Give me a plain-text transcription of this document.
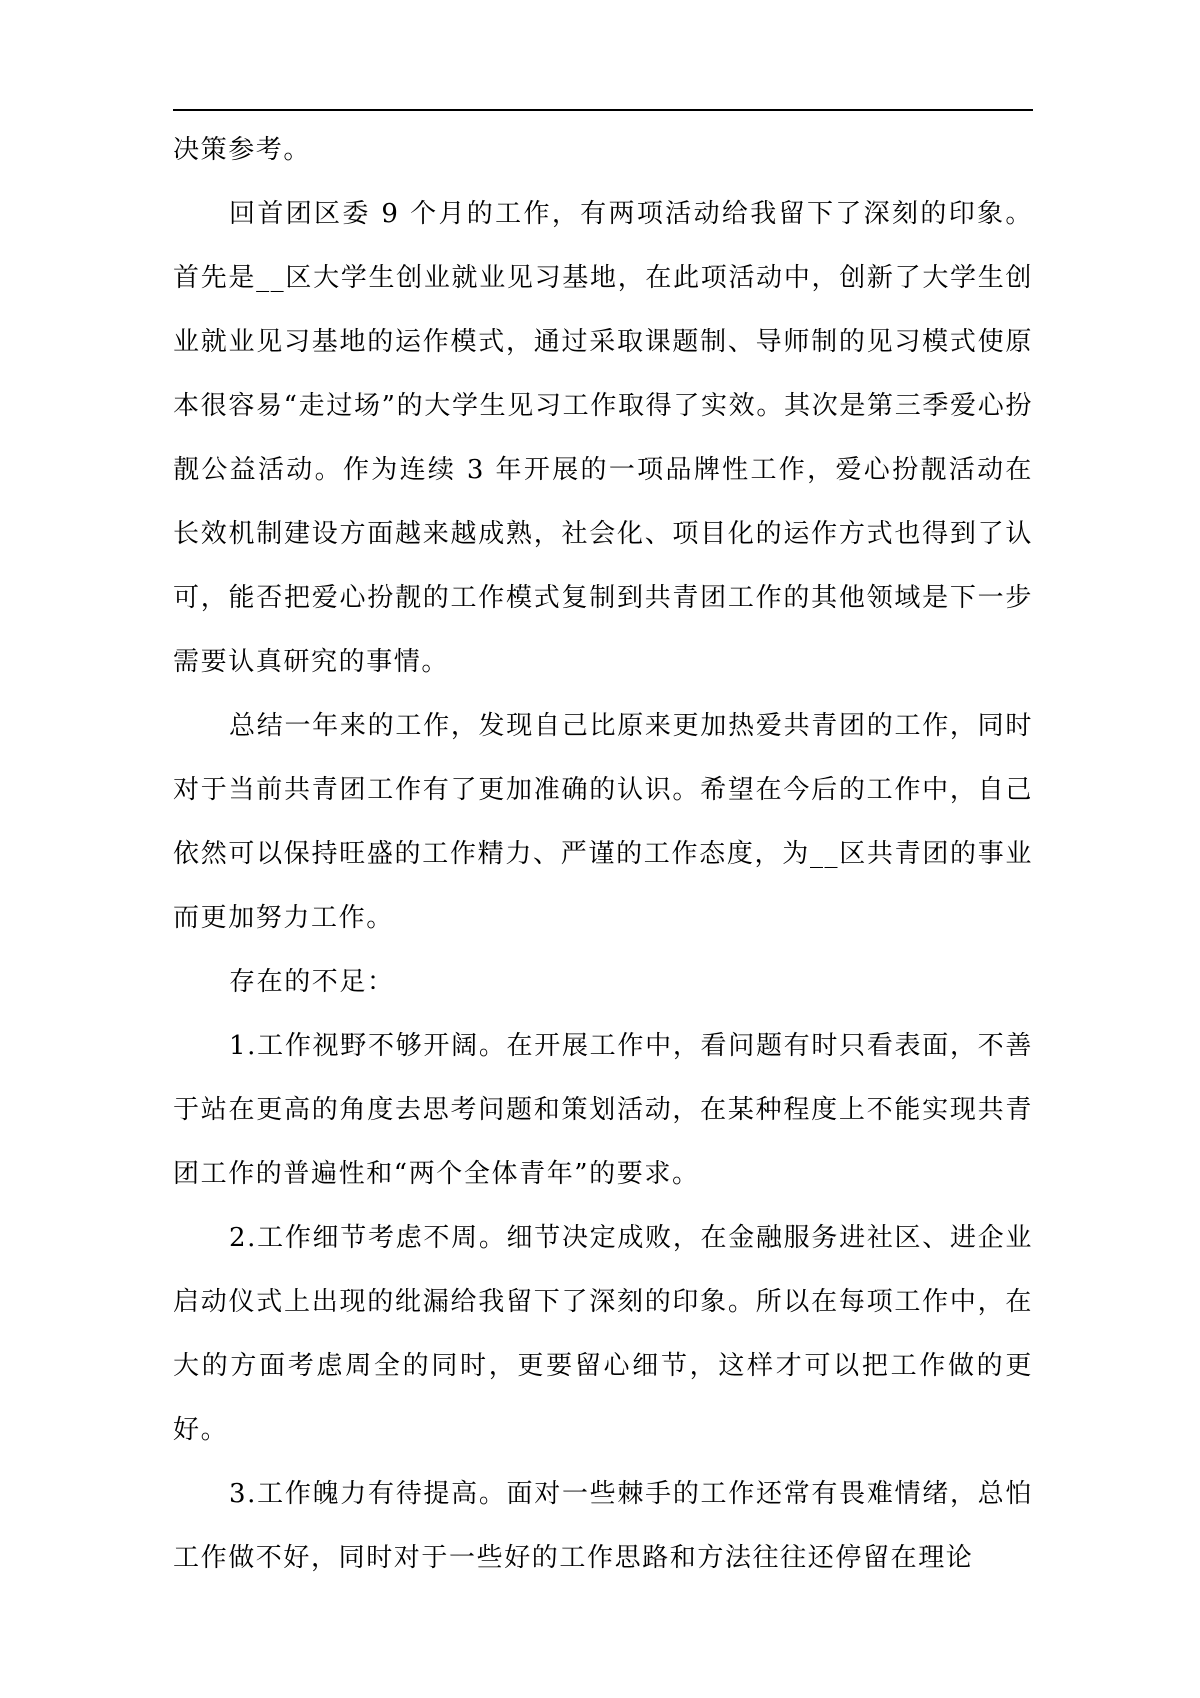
决策参考。

回首团区委 9 个月的工作，有两项活动给我留下了深刻的印象。首先是__区大学生创业就业见习基地，在此项活动中，创新了大学生创业就业见习基地的运作模式，通过采取课题制、导师制的见习模式使原本很容易“走过场”的大学生见习工作取得了实效。其次是第三季爱心扮靓公益活动。作为连续 3 年开展的一项品牌性工作，爱心扮靓活动在长效机制建设方面越来越成熟，社会化、项目化的运作方式也得到了认可，能否把爱心扮靓的工作模式复制到共青团工作的其他领域是下一步需要认真研究的事情。

总结一年来的工作，发现自己比原来更加热爱共青团的工作，同时对于当前共青团工作有了更加准确的认识。希望在今后的工作中，自己依然可以保持旺盛的工作精力、严谨的工作态度，为__区共青团的事业而更加努力工作。

存在的不足：

1.工作视野不够开阔。在开展工作中，看问题有时只看表面，不善于站在更高的角度去思考问题和策划活动，在某种程度上不能实现共青团工作的普遍性和“两个全体青年”的要求。

2.工作细节考虑不周。细节决定成败，在金融服务进社区、进企业启动仪式上出现的纰漏给我留下了深刻的印象。所以在每项工作中，在大的方面考虑周全的同时，更要留心细节，这样才可以把工作做的更好。

3.工作魄力有待提高。面对一些棘手的工作还常有畏难情绪，总怕工作做不好，同时对于一些好的工作思路和方法往往还停留在理论
